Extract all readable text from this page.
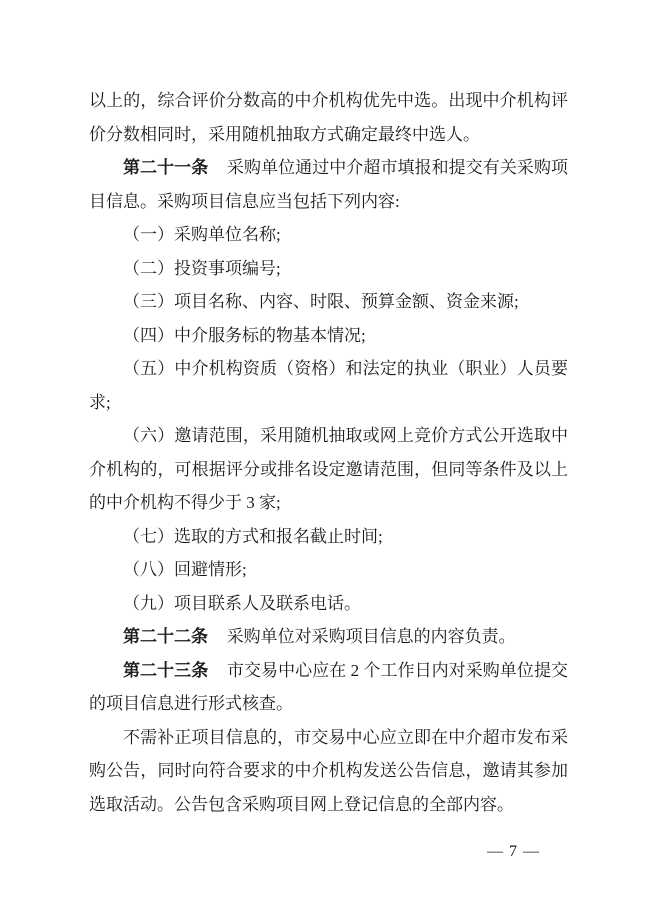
以上的，综合评价分数高的中介机构优先中选。出现中介机构评价分数相同时，采用随机抽取方式确定最终中选人。

第二十一条 采购单位通过中介超市填报和提交有关采购项目信息。采购项目信息应当包括下列内容:

（一）采购单位名称;

（二）投资事项编号;

（三）项目名称、内容、时限、预算金额、资金来源;

（四）中介服务标的物基本情况;

（五）中介机构资质（资格）和法定的执业（职业）人员要求;

（六）邀请范围，采用随机抽取或网上竞价方式公开选取中介机构的，可根据评分或排名设定邀请范围，但同等条件及以上的中介机构不得少于 3 家;

（七）选取的方式和报名截止时间;

（八）回避情形;

（九）项目联系人及联系电话。

第二十二条 采购单位对采购项目信息的内容负责。

第二十三条 市交易中心应在 2 个工作日内对采购单位提交的项目信息进行形式核查。

不需补正项目信息的，市交易中心应立即在中介超市发布采购公告，同时向符合要求的中介机构发送公告信息，邀请其参加选取活动。公告包含采购项目网上登记信息的全部内容。

— 7 —
